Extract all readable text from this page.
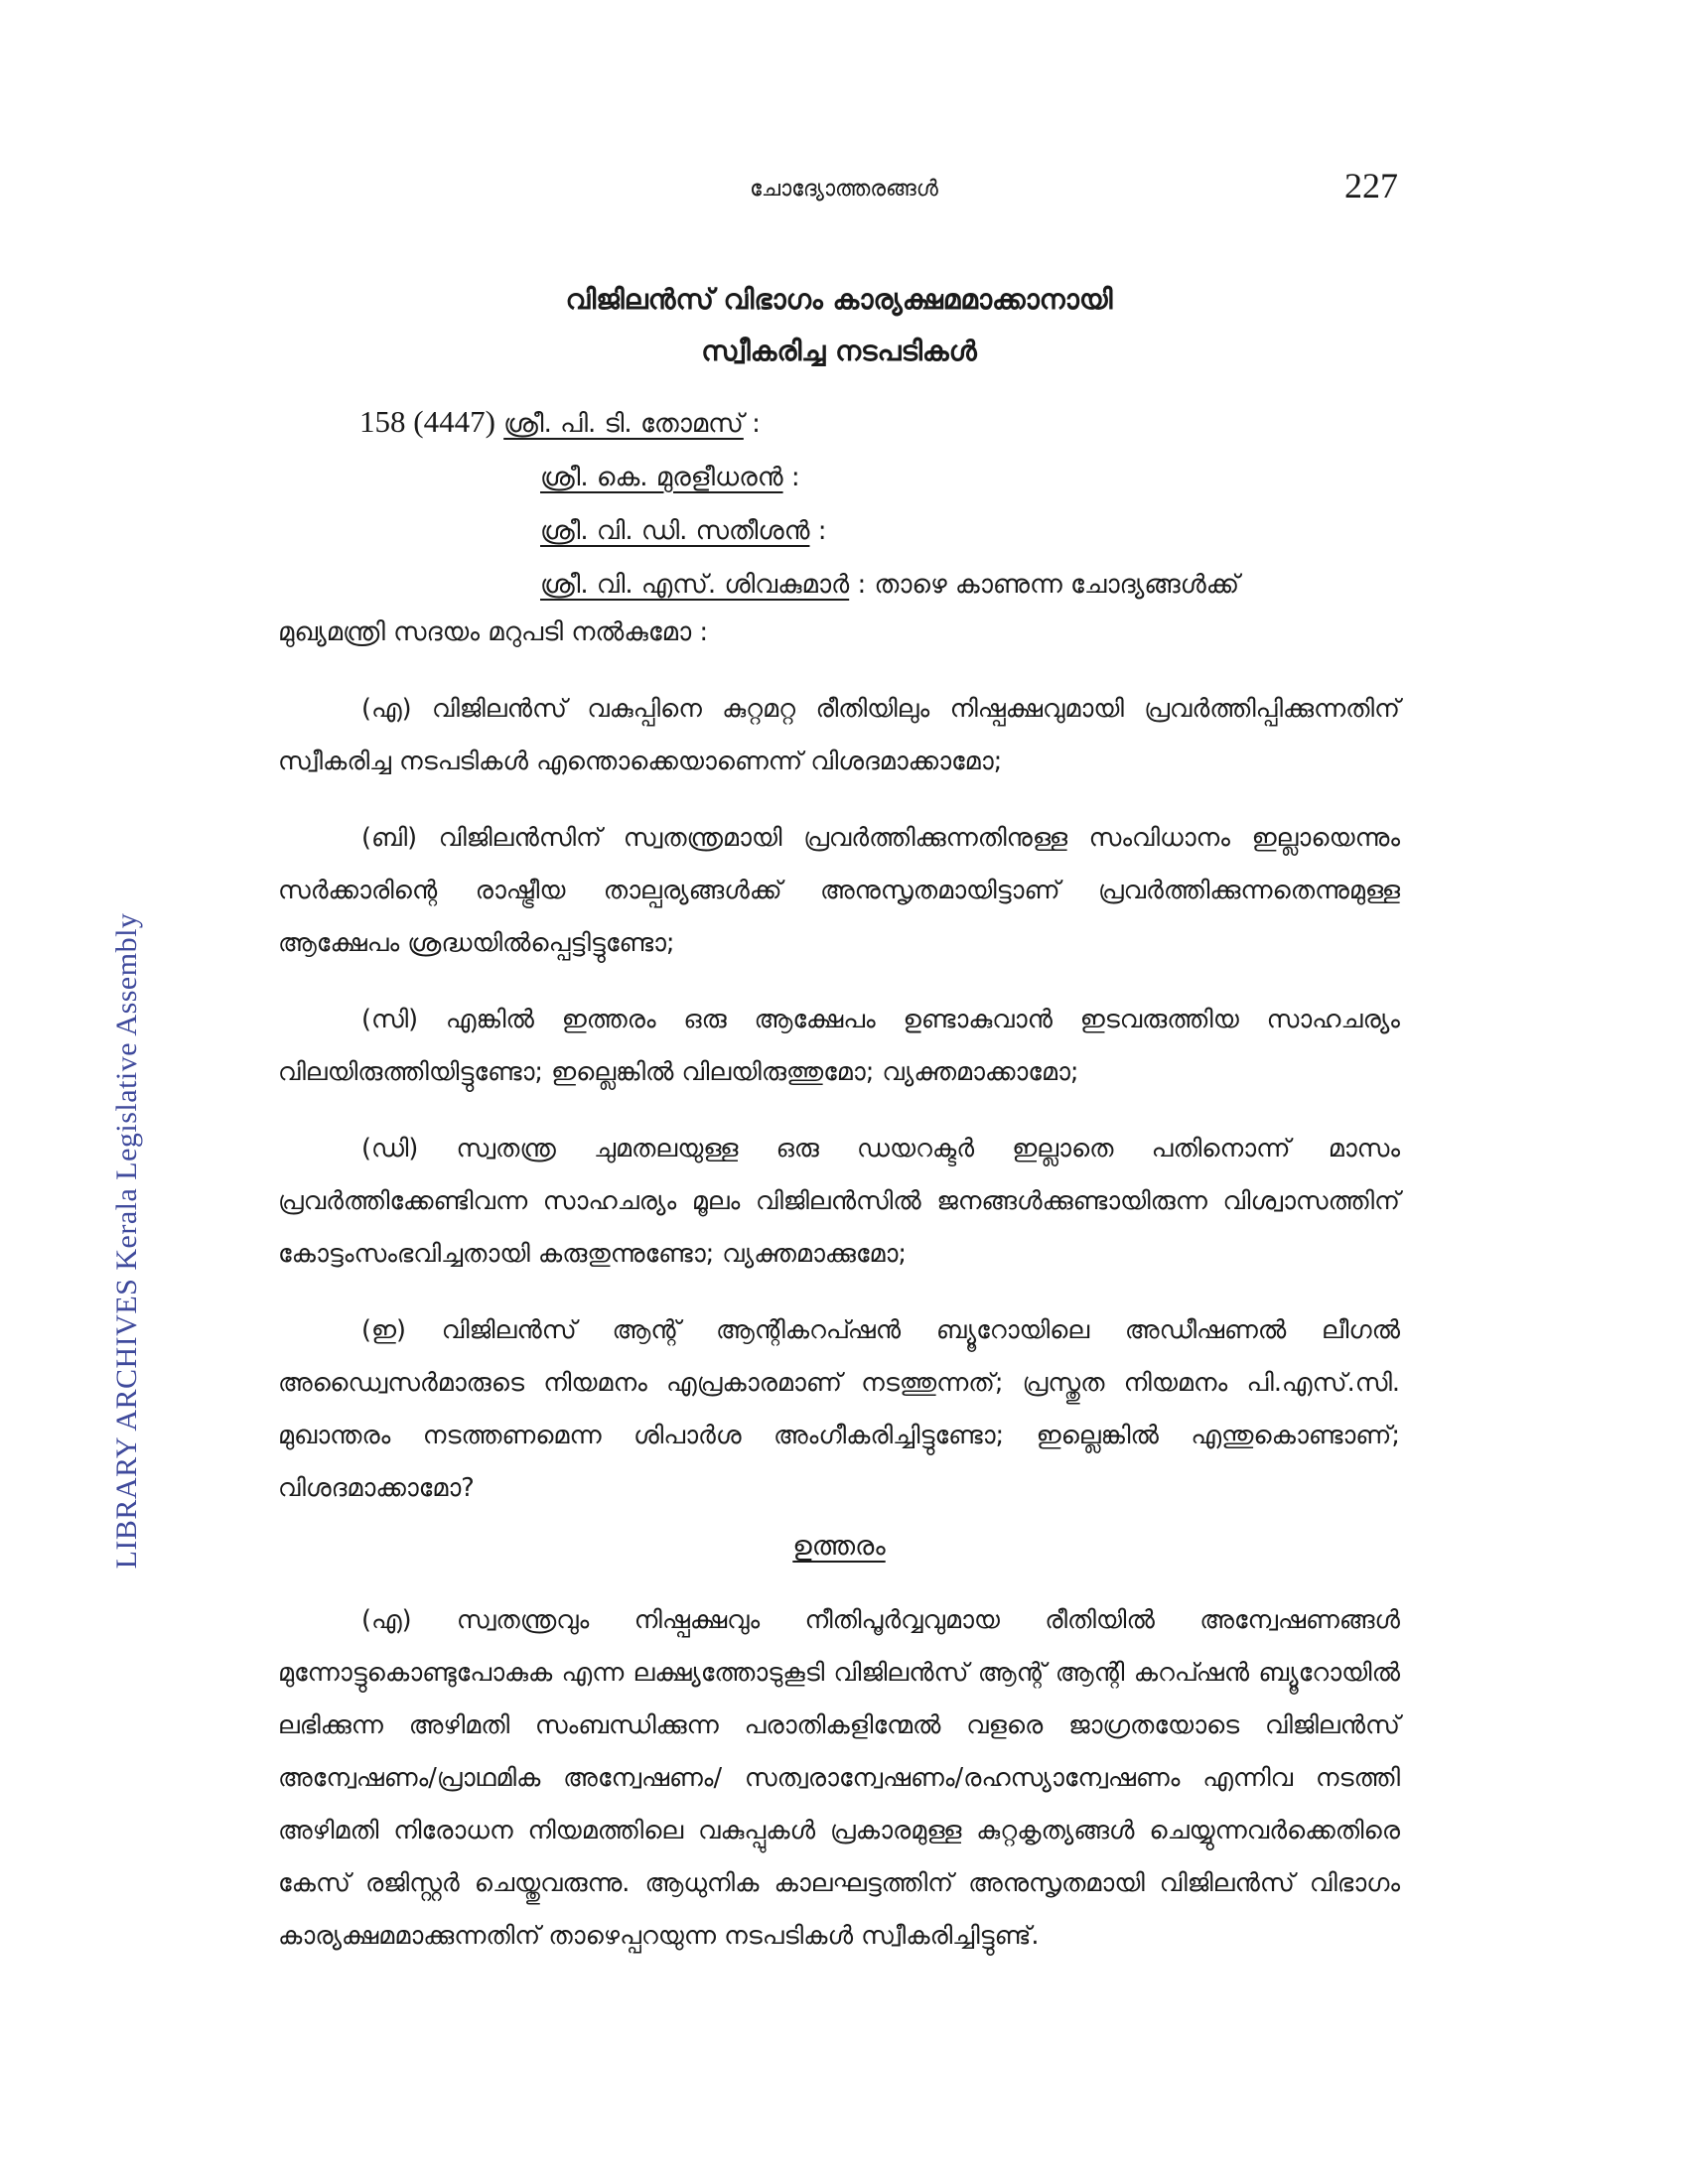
LIBRARY ARCHIVES Kerala Legislative Assembly
ചോദ്യോത്തരങ്ങൾ	227
വിജിലൻസ് വിഭാഗം കാര്യക്ഷമമാക്കാനായി
സ്വീകരിച്ച നടപടികൾ
158 (4447) ശ്രീ. പി. ടി. തോമസ് :
ശ്രീ. കെ. മുരളീധരൻ :
ശ്രീ. വി. ഡി. സതീശൻ :
ശ്രീ. വി. എസ്. ശിവകുമാർ : താഴെ കാണുന്ന ചോദ്യങ്ങൾക്ക്
മുഖ്യമന്ത്രി സദയം മറുപടി നൽകുമോ :

(എ) വിജിലൻസ് വകുപ്പിനെ കുറ്റമറ്റ രീതിയിലും നിഷ്പക്ഷവുമായി പ്രവർത്തിപ്പിക്കുന്നതിന് സ്വീകരിച്ച നടപടികൾ എന്തൊക്കെയാണെന്ന് വിശദമാക്കാമോ;

(ബി) വിജിലൻസിന് സ്വതന്ത്രമായി പ്രവർത്തിക്കുന്നതിനുള്ള സംവിധാനം ഇല്ലായെന്നും സർക്കാരിന്റെ രാഷ്ട്രീയ താല്പര്യങ്ങൾക്ക് അനുസൃതമായിട്ടാണ് പ്രവർത്തിക്കുന്നതെന്നുമുള്ള ആക്ഷേപം ശ്രദ്ധയിൽപ്പെട്ടിട്ടുണ്ടോ;

(സി) എങ്കിൽ ഇത്തരം ഒരു ആക്ഷേപം ഉണ്ടാകുവാൻ ഇടവരുത്തിയ സാഹചര്യം വിലയിരുത്തിയിട്ടുണ്ടോ; ഇല്ലെങ്കിൽ വിലയിരുത്തുമോ; വ്യക്തമാക്കാമോ;

(ഡി) സ്വതന്ത്ര ചുമതലയുള്ള ഒരു ഡയറക്ടർ ഇല്ലാതെ പതിനൊന്ന് മാസം പ്രവർത്തിക്കേണ്ടിവന്ന സാഹചര്യം മൂലം വിജിലൻസിൽ ജനങ്ങൾക്കുണ്ടായിരുന്ന വിശ്വാസത്തിന് കോട്ടംസംഭവിച്ചതായി കരുതുന്നുണ്ടോ; വ്യക്തമാക്കുമോ;

(ഇ) വിജിലൻസ് ആന്റ് ആന്റികറപ്ഷൻ ബ്യൂറോയിലെ അഡീഷണൽ ലീഗൽ അഡ്വൈസർമാരുടെ നിയമനം എപ്രകാരമാണ് നടത്തുന്നത്; പ്രസ്തുത നിയമനം പി.എസ്.സി. മുഖാന്തരം നടത്തണമെന്ന ശിപാർശ അംഗീകരിച്ചിട്ടുണ്ടോ; ഇല്ലെങ്കിൽ എന്തുകൊണ്ടാണ്; വിശദമാക്കാമോ?

ഉത്തരം

(എ) സ്വതന്ത്രവും നിഷ്പക്ഷവും നീതിപൂർവ്വവുമായ രീതിയിൽ അന്വേഷണങ്ങൾ മുന്നോട്ടുകൊണ്ടുപോകുക എന്ന ലക്ഷ്യത്തോടുകൂടി വിജിലൻസ് ആന്റ് ആന്റി കറപ്ഷൻ ബ്യൂറോയിൽ ലഭിക്കുന്ന അഴിമതി സംബന്ധിക്കുന്ന പരാതികളിന്മേൽ വളരെ ജാഗ്രതയോടെ വിജിലൻസ് അന്വേഷണം/പ്രാഥമിക അന്വേഷണം/ സത്വരാന്വേഷണം/രഹസ്യാന്വേഷണം എന്നിവ നടത്തി അഴിമതി നിരോധന നിയമത്തിലെ വകുപ്പുകൾ പ്രകാരമുള്ള കുറ്റകൃത്യങ്ങൾ ചെയ്യുന്നവർക്കെതിരെ കേസ് രജിസ്റ്റർ ചെയ്തുവരുന്നു. ആധുനിക കാലഘട്ടത്തിന് അനുസൃതമായി വിജിലൻസ് വിഭാഗം കാര്യക്ഷമമാക്കുന്നതിന് താഴെപ്പറയുന്ന നടപടികൾ സ്വീകരിച്ചിട്ടുണ്ട്.
